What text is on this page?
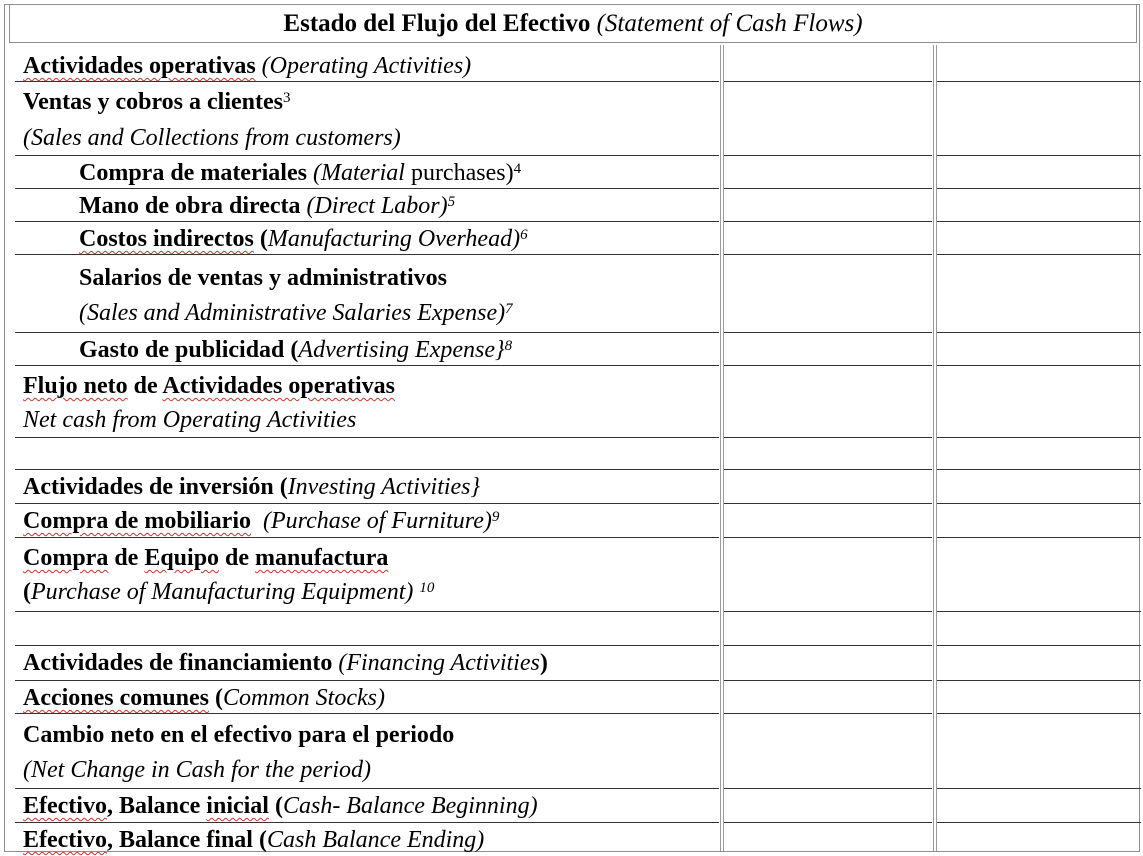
Estado del Flujo del Efectivo (Statement of Cash Flows)
Actividades operativas (Operating Activities)
Ventas y cobros a clientes$^3$
(Sales and Collections from customers)
Compra de materiales (Material purchases)$^4$
Mano de obra directa (Direct Labor)$^5$
Costos indirectos (Manufacturing Overhead)$^6$
Salarios de ventas y administrativos
(Sales and Administrative Salaries Expense)$^7$
Gasto de publicidad (Advertising Expense}$^8$
Flujo neto de Actividades operativas
Net cash from Operating Activities
Actividades de inversión (Investing Activities}
Compra de mobiliario (Purchase of Furniture)$^9$
Compra de Equipo de manufactura
(Purchase of Manufacturing Equipment) $^{10}$
Actividades de financiamiento (Financing Activities)
Acciones comunes (Common Stocks)
Cambio neto en el efectivo para el periodo
(Net Change in Cash for the period)
Efectivo, Balance inicial (Cash- Balance Beginning)
Efectivo, Balance final (Cash Balance Ending)
